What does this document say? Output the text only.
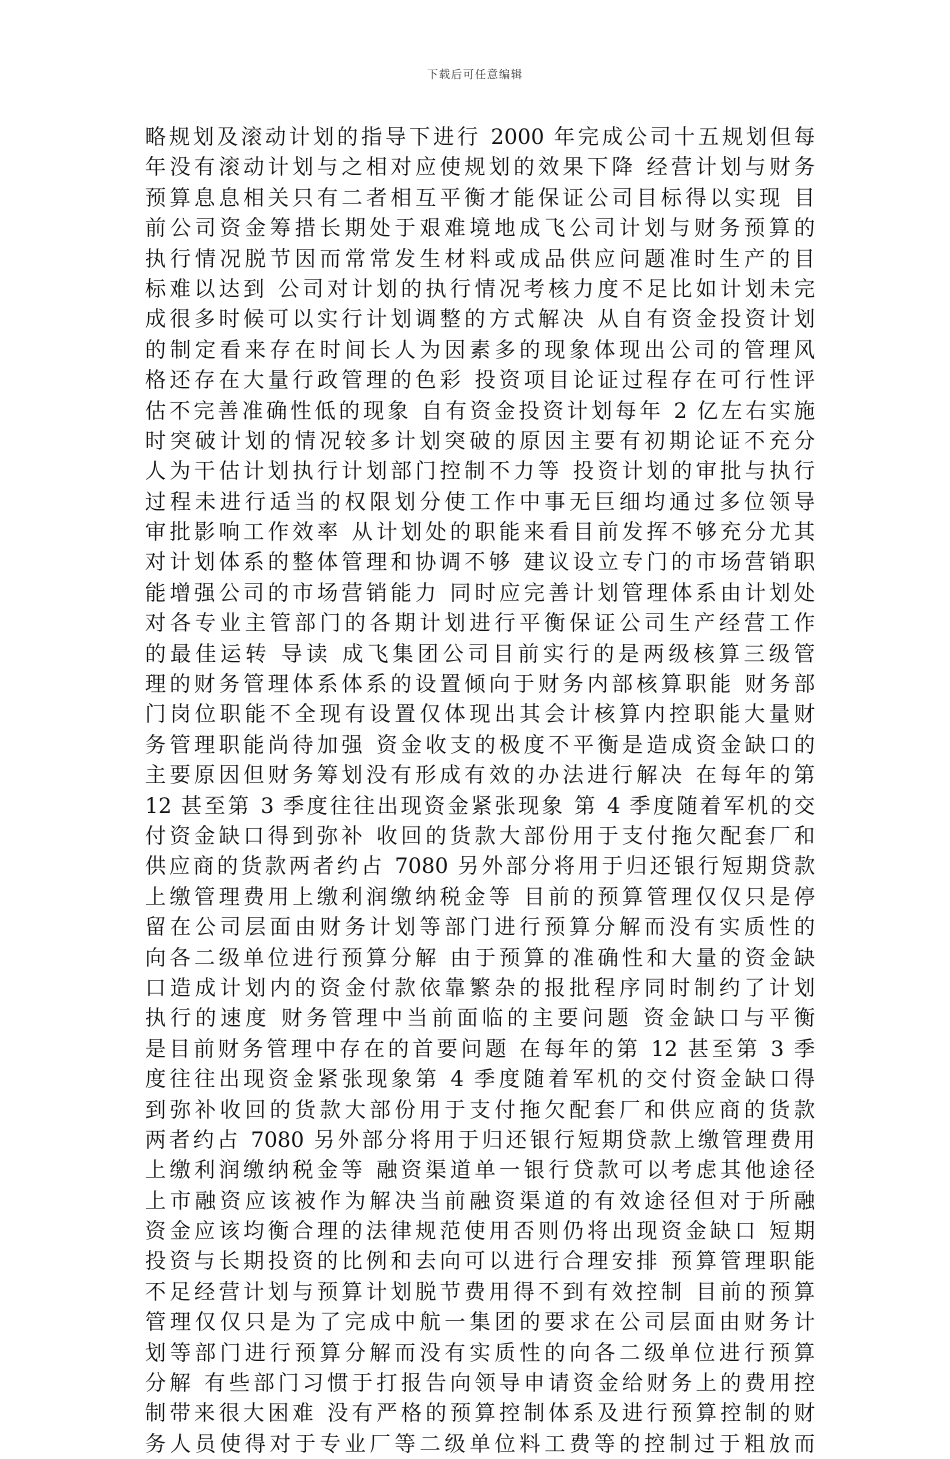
下载后可任意编辑
略规划及滚动计划的指导下进行 2000 年完成公司十五规划但每
年没有滚动计划与之相对应使规划的效果下降 经营计划与财务
预算息息相关只有二者相互平衡才能保证公司目标得以实现 目
前公司资金筹措长期处于艰难境地成飞公司计划与财务预算的
执行情况脱节因而常常发生材料或成品供应问题准时生产的目
标难以达到 公司对计划的执行情况考核力度不足比如计划未完
成很多时候可以实行计划调整的方式解决 从自有资金投资计划
的制定看来存在时间长人为因素多的现象体现出公司的管理风
格还存在大量行政管理的色彩 投资项目论证过程存在可行性评
估不完善准确性低的现象 自有资金投资计划每年 2 亿左右实施
时突破计划的情况较多计划突破的原因主要有初期论证不充分
人为干估计划执行计划部门控制不力等 投资计划的审批与执行
过程未进行适当的权限划分使工作中事无巨细均通过多位领导
审批影响工作效率 从计划处的职能来看目前发挥不够充分尤其
对计划体系的整体管理和协调不够 建议设立专门的市场营销职
能增强公司的市场营销能力 同时应完善计划管理体系由计划处
对各专业主管部门的各期计划进行平衡保证公司生产经营工作
的最佳运转 导读 成飞集团公司目前实行的是两级核算三级管
理的财务管理体系体系的设置倾向于财务内部核算职能 财务部
门岗位职能不全现有设置仅体现出其会计核算内控职能大量财
务管理职能尚待加强 资金收支的极度不平衡是造成资金缺口的
主要原因但财务筹划没有形成有效的办法进行解决 在每年的第
12 甚至第 3 季度往往出现资金紧张现象 第 4 季度随着军机的交
付资金缺口得到弥补 收回的货款大部份用于支付拖欠配套厂和
供应商的货款两者约占 7080 另外部分将用于归还银行短期贷款
上缴管理费用上缴利润缴纳税金等 目前的预算管理仅仅只是停
留在公司层面由财务计划等部门进行预算分解而没有实质性的
向各二级单位进行预算分解 由于预算的准确性和大量的资金缺
口造成计划内的资金付款依靠繁杂的报批程序同时制约了计划
执行的速度 财务管理中当前面临的主要问题 资金缺口与平衡
是目前财务管理中存在的首要问题 在每年的第 12 甚至第 3 季
度往往出现资金紧张现象第 4 季度随着军机的交付资金缺口得
到弥补收回的货款大部份用于支付拖欠配套厂和供应商的货款
两者约占 7080 另外部分将用于归还银行短期贷款上缴管理费用
上缴利润缴纳税金等 融资渠道单一银行贷款可以考虑其他途径
上市融资应该被作为解决当前融资渠道的有效途径但对于所融
资金应该均衡合理的法律规范使用否则仍将出现资金缺口 短期
投资与长期投资的比例和去向可以进行合理安排 预算管理职能
不足经营计划与预算计划脱节费用得不到有效控制 目前的预算
管理仅仅只是为了完成中航一集团的要求在公司层面由财务计
划等部门进行预算分解而没有实质性的向各二级单位进行预算
分解 有些部门习惯于打报告向领导申请资金给财务上的费用控
制带来很大困难 没有严格的预算控制体系及进行预算控制的财
务人员使得对于专业厂等二级单位料工费等的控制过于粗放而
